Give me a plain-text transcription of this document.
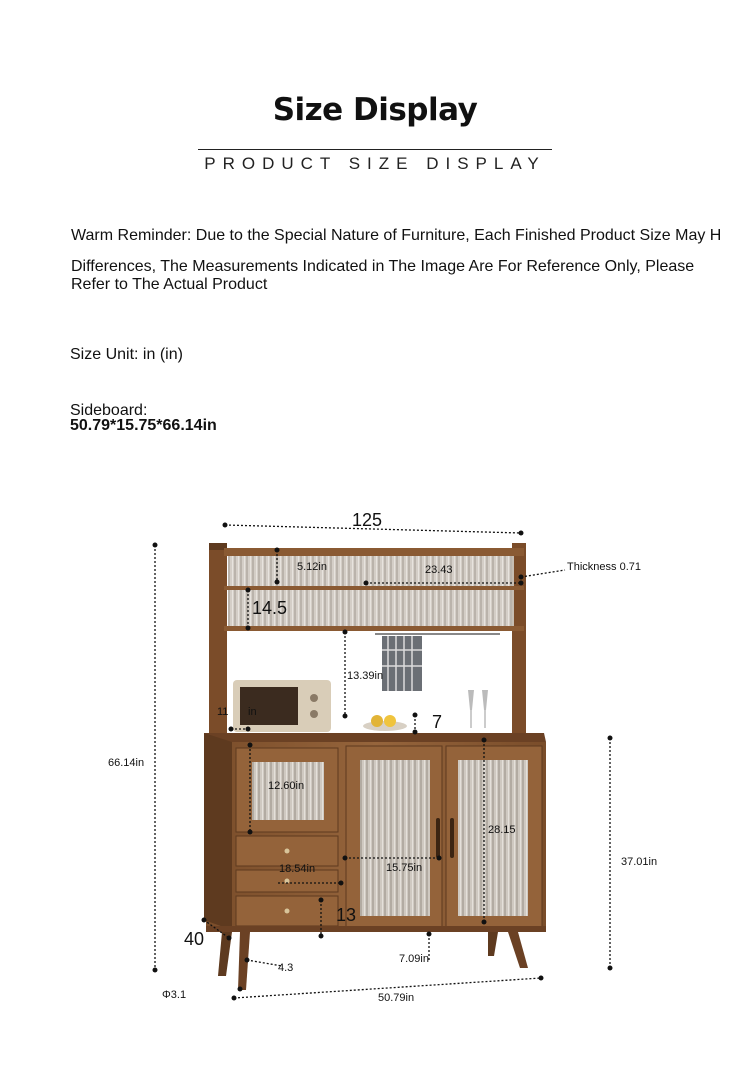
Size Display
PRODUCT SIZE DISPLAY
Warm Reminder: Due to the Special Nature of Furniture, Each Finished Product Size May H
Differences, The Measurements Indicated in The Image Are For Reference Only, Please
Refer to The Actual Product
Size Unit: in (in)
Sideboard:
50.79*15.75*66.14in
125
5.12in	23.43	Thickness 0.71
14.5
13.39in
11 in	7
66.14in
12.60in
28.15
18.54in	15.75in	37.01in
13
40
7.09in
4.3
Φ3.1	50.79in
